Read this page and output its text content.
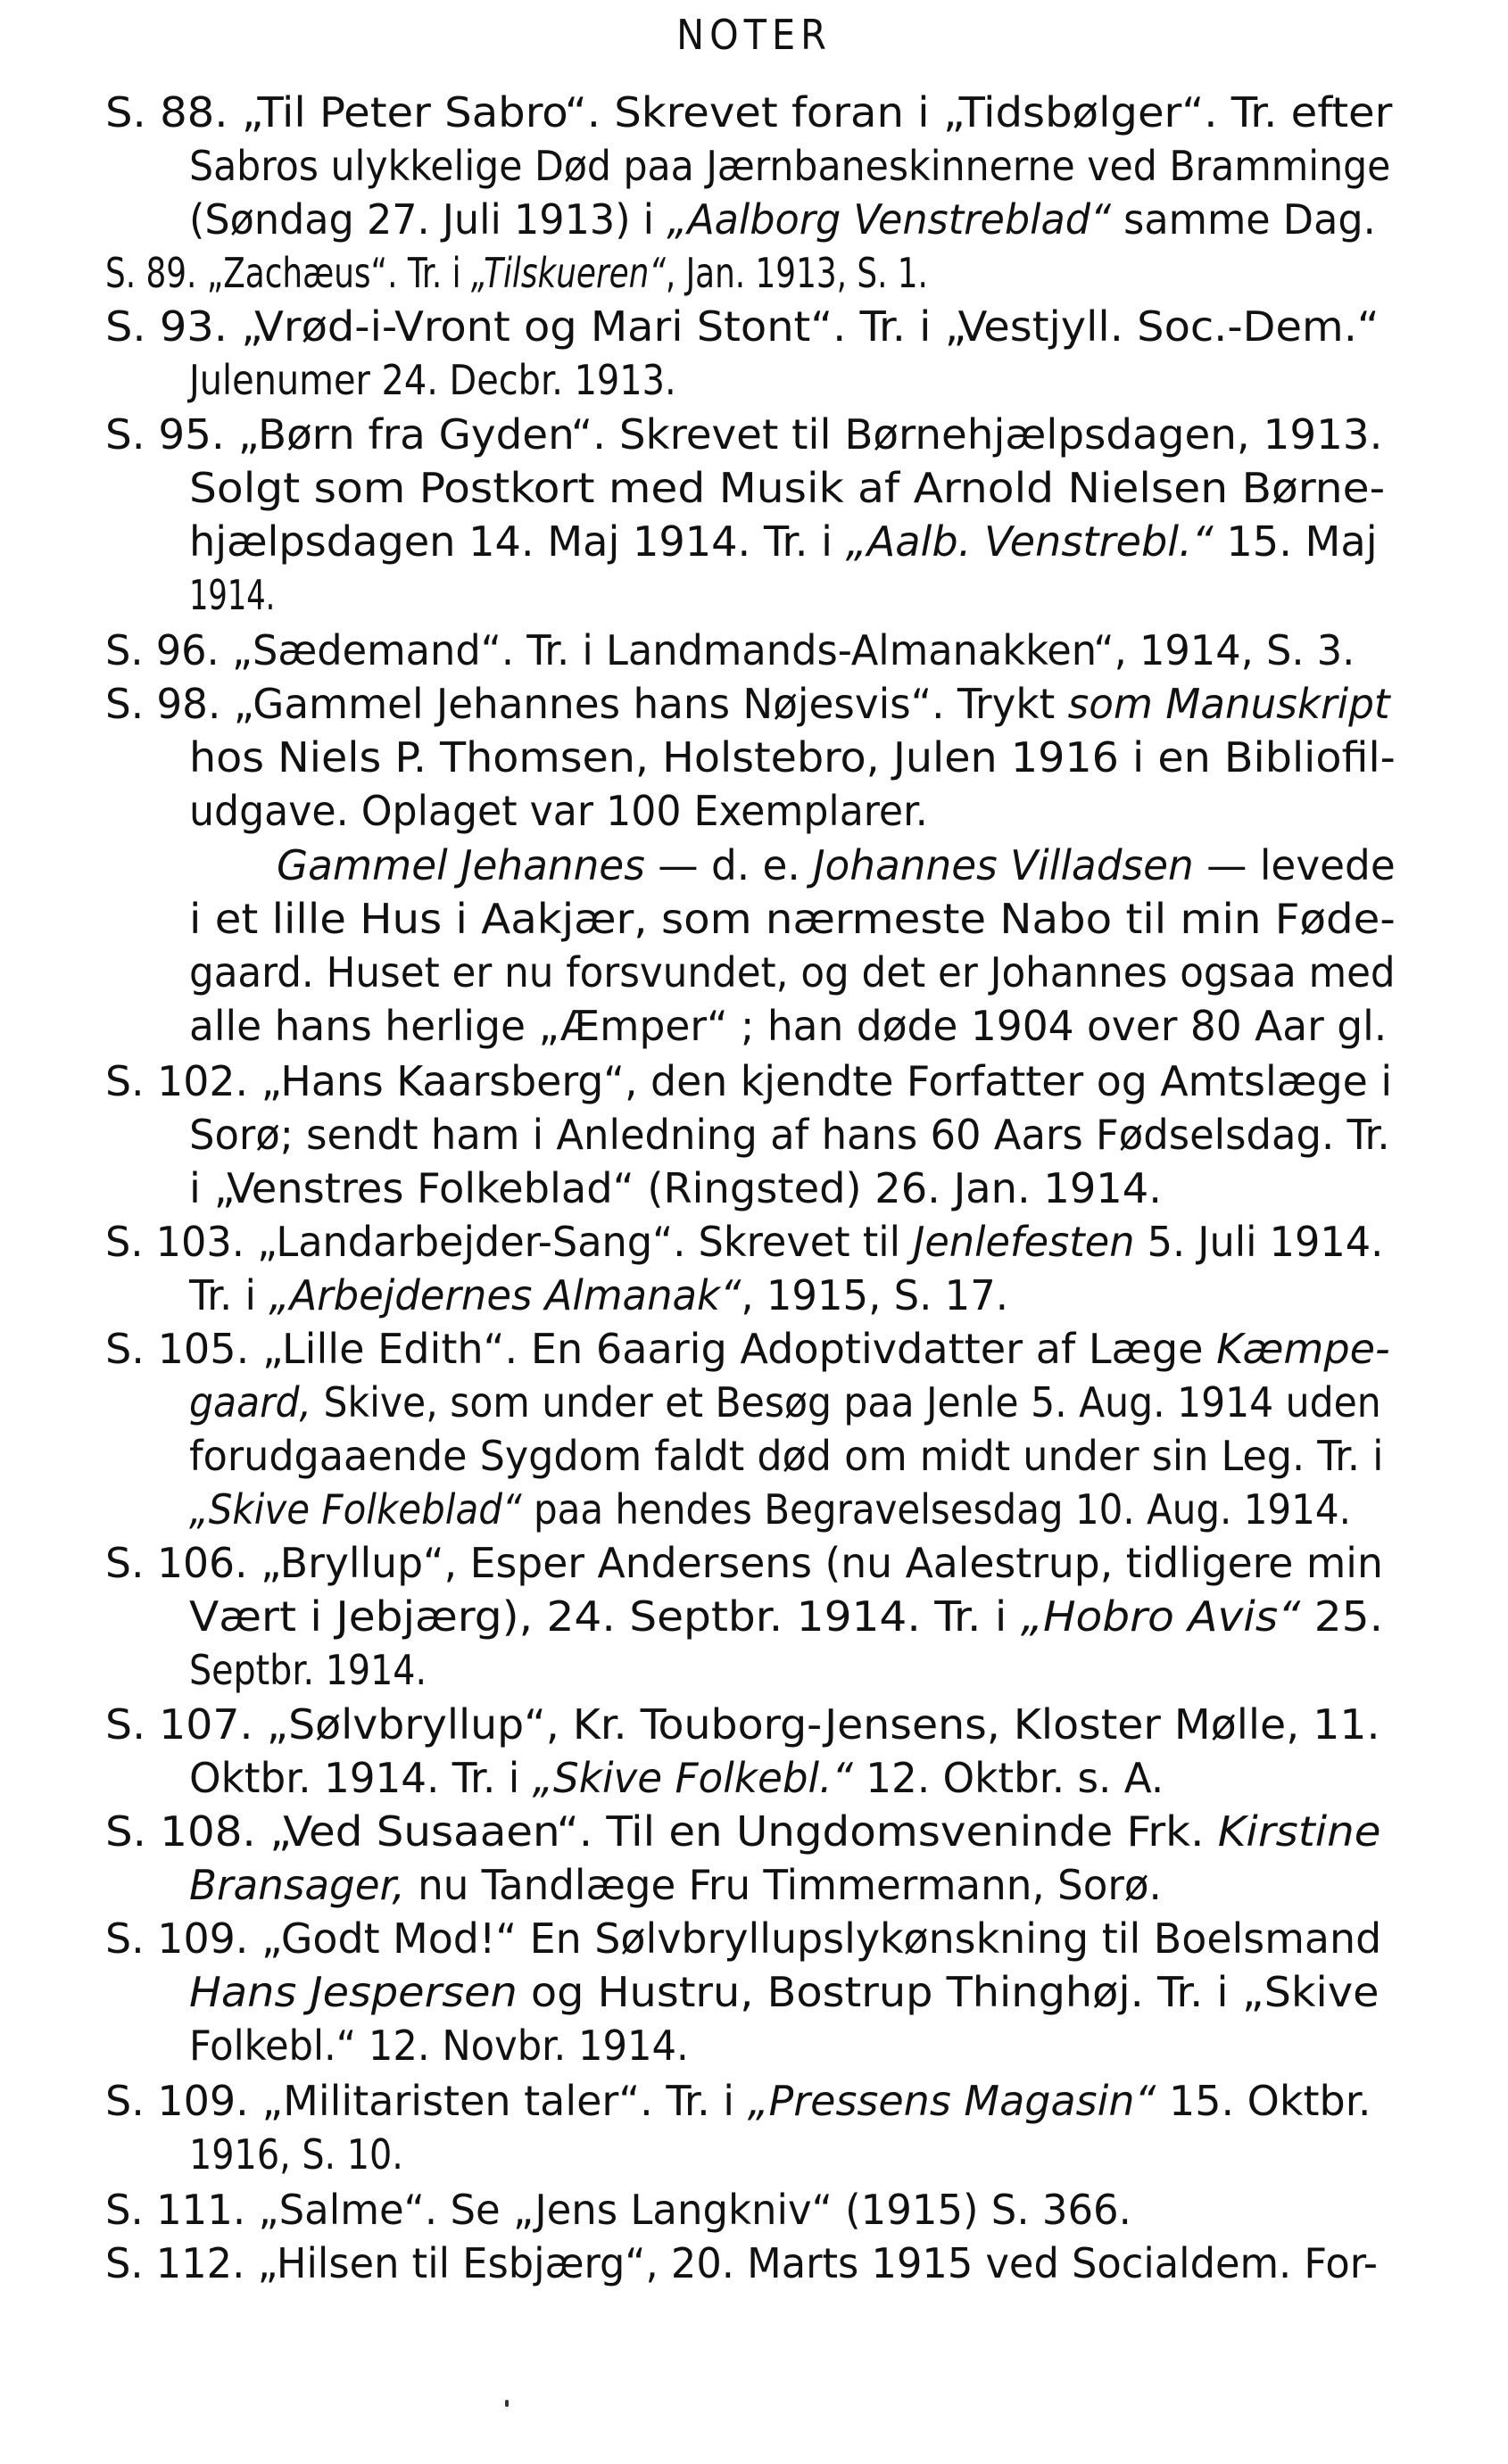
NOTER
S. 88. „Til Peter Sabro“. Skrevet foran i „Tidsbølger“. Tr. efter
Sabros ulykkelige Død paa Jærnbaneskinnerne ved Brammingе
(Søndag 27. Juli 1913) i „Aalborg Venstreblad“ samme Dag.
S. 89. „Zachæus“. Tr. i „Tilskueren“, Jan. 1913, S. 1.
S. 93. „Vrød-i-Vront og Mari Stont“. Tr. i „Vestjyll. Soc.-Dem.“
Julenumer 24. Decbr. 1913.
S. 95. „Børn fra Gyden“. Skrevet til Børnehjælpsdagen, 1913.
Solgt som Postkort med Musik af Arnold Nielsen Børne-
hjælpsdagen 14. Maj 1914. Tr. i „Aalb. Venstrebl.“ 15. Maj
1914.
S. 96. „Sædemand“. Tr. i Landmands-Almanakken“, 1914, S. 3.
S. 98. „Gammel Jehannes hans Nøjesvis“. Trykt som Manuskript
hos Niels P. Thomsen, Holstebro, Julen 1916 i en Bibliofil-
udgave. Oplaget var 100 Exemplarer.
Gammel Jehannes — d. e. Johannes Villadsen — levede
i et lille Hus i Aakjær, som nærmeste Nabo til min Føde-
gaard. Huset er nu forsvundet, og det er Johannes ogsaa med
alle hans herlige „Æmper“ ; han døde 1904 over 80 Aar gl.
S. 102. „Hans Kaarsberg“, den kjendte Forfatter og Amtslæge i
Sorø; sendt ham i Anledning af hans 60 Aars Fødselsdag. Tr.
i „Venstres Folkeblad“ (Ringsted) 26. Jan. 1914.
S. 103. „Landarbejder-Sang“. Skrevet til Jenlefesten 5. Juli 1914.
Tr. i „Arbejdernes Almanak“, 1915, S. 17.
S. 105. „Lille Edith“. En 6aarig Adoptivdatter af Læge Kæmpe-
gaard, Skive, som under et Besøg paa Jenle 5. Aug. 1914 uden
forudgaaende Sygdom faldt død om midt under sin Leg. Tr. i
„Skive Folkeblad“ paa hendes Begravelsesdag 10. Aug. 1914.
S. 106. „Bryllup“, Esper Andersens (nu Aalestrup, tidligere min
Vært i Jebjærg), 24. Septbr. 1914. Tr. i „Hobro Avis“ 25.
Septbr. 1914.
S. 107. „Sølvbryllup“, Kr. Touborg-Jensens, Kloster Mølle, 11.
Oktbr. 1914. Tr. i „Skive Folkebl.“ 12. Oktbr. s. A.
S. 108. „Ved Susaaen“. Til en Ungdomsveninde Frk. Kirstine
Bransager, nu Tandlæge Fru Timmermann, Sorø.
S. 109. „Godt Mod!“ En Sølvbryllupslykønskning til Boelsmand
Hans Jespersen og Hustru, Bostrup Thinghøj. Tr. i „Skive
Folkebl.“ 12. Novbr. 1914.
S. 109. „Militaristen taler“. Tr. i „Pressens Magasin“ 15. Oktbr.
1916, S. 10.
S. 111. „Salme“. Se „Jens Langkniv“ (1915) S. 366.
S. 112. „Hilsen til Esbjærg“, 20. Marts 1915 ved Socialdem. For-
